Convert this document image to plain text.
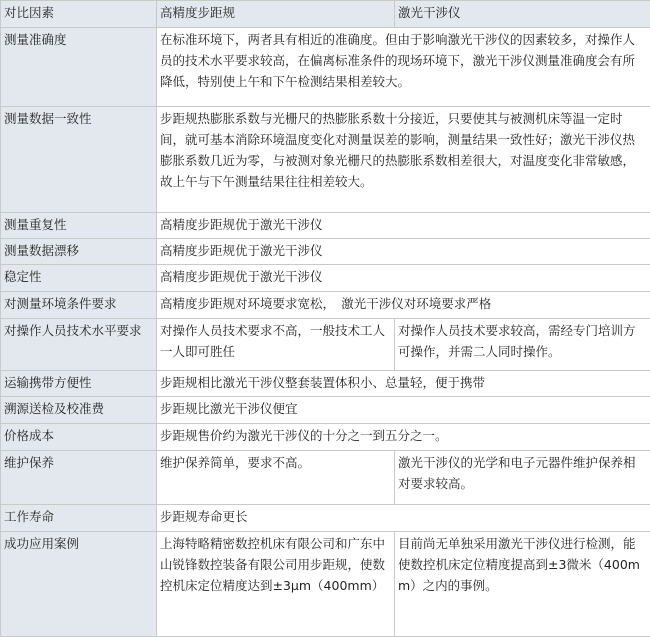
对比因素	高精度步距规	激光干涉仪
测量准确度	在标准环境下，两者具有相近的准确度。但由于影响激光干涉仪的因素较多，对操作人员的技术水平要求较高，在偏离标准条件的现场环境下，激光干涉仪测量准确度会有所降低，特别使上午和下午检测结果相差较大。	
测量数据一致性	步距规热膨胀系数与光栅尺的热膨胀系数十分接近，只要使其与被测机床等温一定时间，就可基本消除环境温度变化对测量误差的影响，测量结果一致性好；激光干涉仪热膨胀系数几近为零，与被测对象光栅尺的热膨胀系数相差很大，对温度变化非常敏感，故上午与下午测量结果往往相差较大。	
测量重复性	高精度步距规优于激光干涉仪	
测量数据漂移	高精度步距规优于激光干涉仪	
稳定性	高精度步距规优于激光干涉仪	
对测量环境条件要求	高精度步距规对环境要求宽松，　激光干涉仪对环境要求严格	
对操作人员技术水平要求	对操作人员技术要求不高，一般技术工人一人即可胜任	对操作人员技术要求较高，需经专门培训方可操作，并需二人同时操作。
运输携带方便性	步距规相比激光干涉仪整套装置体积小、总量轻，便于携带	
溯源送检及校准费	步距规比激光干涉仪便宜	
价格成本	步距规售价约为激光干涉仪的十分之一到五分之一。	
维护保养	维护保养简单，要求不高。	激光干涉仪的光学和电子元器件维护保养相对要求较高。
工作寿命	步距规寿命更长	
成功应用案例	上海特略精密数控机床有限公司和广东中山锐锋数控装备有限公司用步距规，使数控机床定位精度达到±3μm（400mm）	目前尚无单独采用激光干涉仪进行检测，能使数控机床定位精度提高到±3微米（400mm）之内的事例。
